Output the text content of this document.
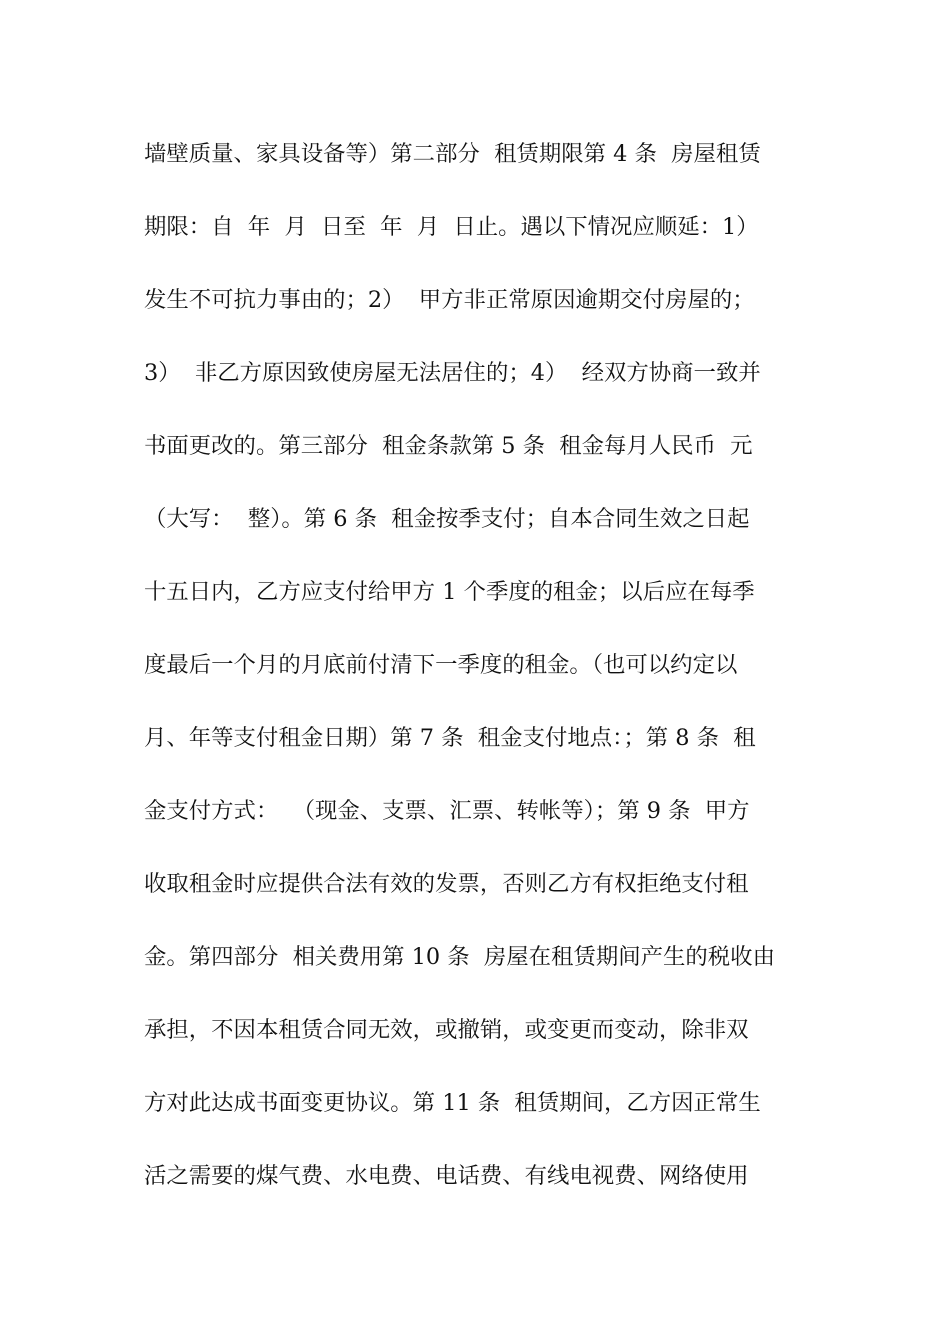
墙壁质量、家具设备等）第二部分  租赁期限第 4 条  房屋租赁
期限：自  年  月  日至  年  月  日止。遇以下情况应顺延：1）
发生不可抗力事由的；2）  甲方非正常原因逾期交付房屋的；
3）  非乙方原因致使房屋无法居住的；4）  经双方协商一致并
书面更改的。第三部分  租金条款第 5 条  租金每月人民币  元
（大写：  整）。第 6 条  租金按季支付；自本合同生效之日起
十五日内，乙方应支付给甲方 1 个季度的租金；以后应在每季
度最后一个月的月底前付清下一季度的租金。（也可以约定以
月、年等支付租金日期）第 7 条  租金支付地点：；第 8 条  租
金支付方式：  （现金、支票、汇票、转帐等）；第 9 条  甲方
收取租金时应提供合法有效的发票，否则乙方有权拒绝支付租
金。第四部分  相关费用第 10 条  房屋在租赁期间产生的税收由
承担，不因本租赁合同无效，或撤销，或变更而变动，除非双
方对此达成书面变更协议。第 11 条  租赁期间，乙方因正常生
活之需要的煤气费、水电费、电话费、有线电视费、网络使用
